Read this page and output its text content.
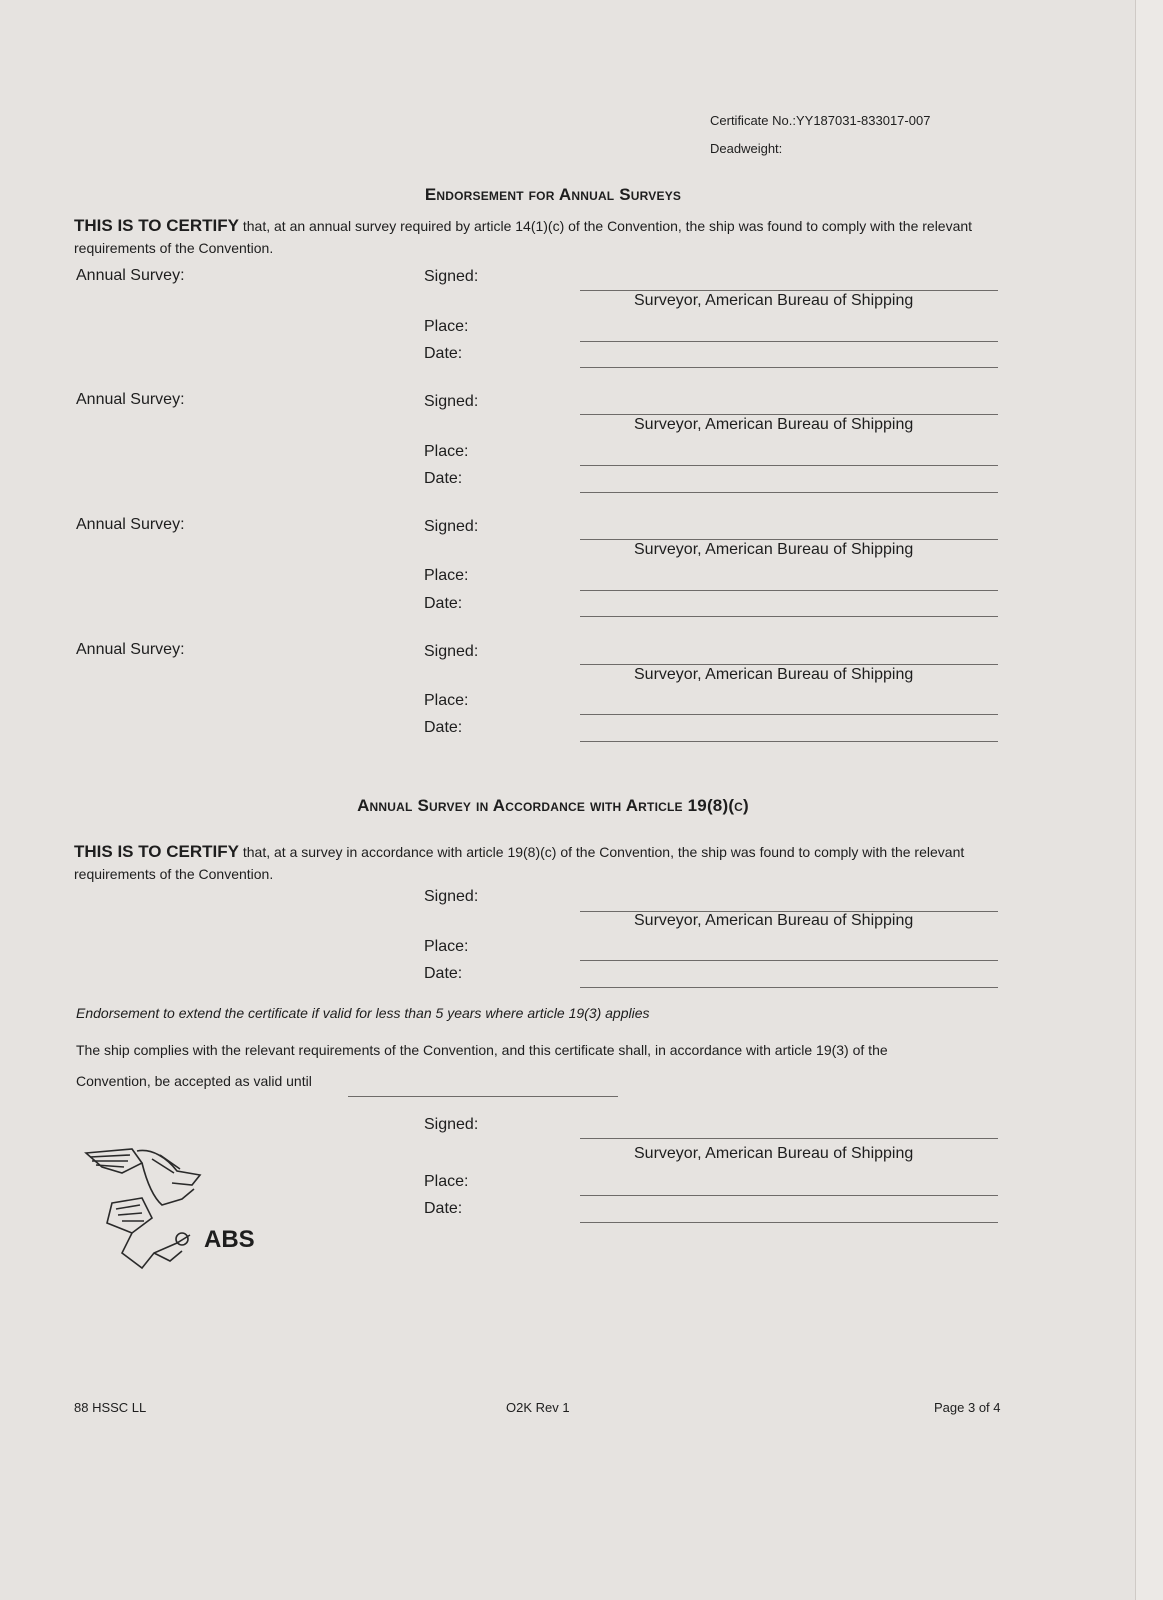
Certificate No.:YY187031-833017-007
Deadweight:
Endorsement for Annual Surveys
THIS IS TO CERTIFY that, at an annual survey required by article 14(1)(c) of the Convention, the ship was found to comply with the relevant requirements of the Convention.
Annual Survey:	Signed:
Surveyor, American Bureau of Shipping
Place:
Date:
Annual Survey:	Signed:
Surveyor, American Bureau of Shipping
Place:
Date:
Annual Survey:	Signed:
Surveyor, American Bureau of Shipping
Place:
Date:
Annual Survey:	Signed:
Surveyor, American Bureau of Shipping
Place:
Date:
Annual Survey in Accordance with Article 19(8)(c)
THIS IS TO CERTIFY that, at a survey in accordance with article 19(8)(c) of the Convention, the ship was found to comply with the relevant requirements of the Convention.
Signed:
Surveyor, American Bureau of Shipping
Place:
Date:
Endorsement to extend the certificate if valid for less than 5 years where article 19(3) applies
The ship complies with the relevant requirements of the Convention, and this certificate shall, in accordance with article 19(3) of the
Convention, be accepted as valid until
Signed:
Surveyor, American Bureau of Shipping
Place:
Date:
ABS
88 HSSC LL	O2K Rev 1	Page 3 of 4
